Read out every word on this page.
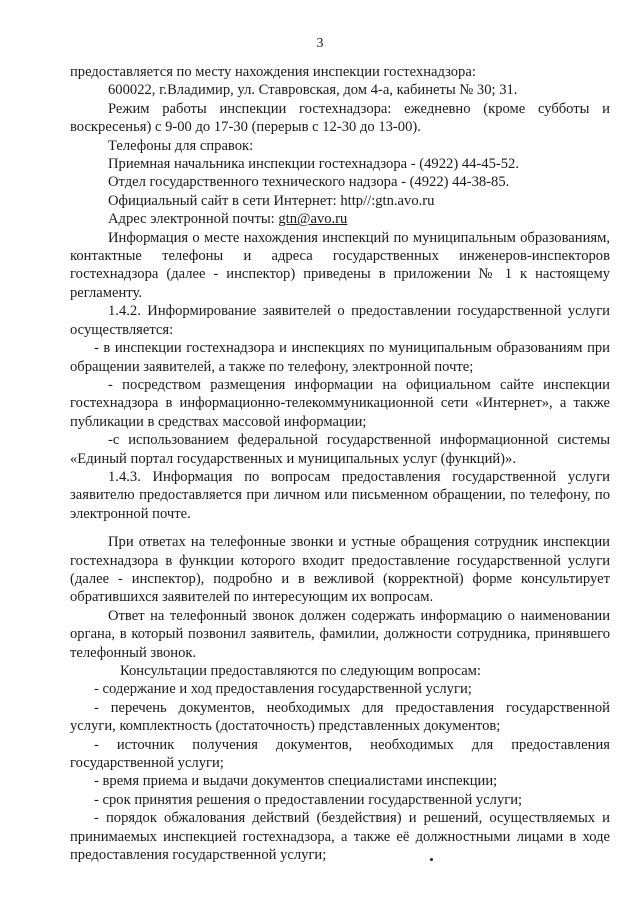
3

предоставляется по месту нахождения инспекции гостехнадзора:

600022, г.Владимир, ул. Ставровская, дом 4-а, кабинеты № 30; 31.

Режим работы инспекции гостехнадзора: ежедневно (кроме субботы и воскресенья) с 9-00 до 17-30 (перерыв с 12-30 до 13-00).

Телефоны для справок:

Приемная начальника инспекции гостехнадзора - (4922) 44-45-52.

Отдел государственного технического надзора - (4922) 44-38-85.

Официальный сайт в сети Интернет: http//:gtn.avo.ru

Адрес электронной почты: gtn@avo.ru

Информация о месте нахождения инспекций по муниципальным образованиям, контактные телефоны и адреса государственных инженеров-инспекторов гостехнадзора (далее - инспектор) приведены в приложении № 1 к настоящему регламенту.

1.4.2. Информирование заявителей о предоставлении государственной услуги осуществляется:

- в инспекции гостехнадзора и инспекциях по муниципальным образованиям при обращении заявителей, а также по телефону, электронной почте;

- посредством размещения информации на официальном сайте инспекции гостехнадзора в информационно-телекоммуникационной сети «Интернет», а также публикации в средствах массовой информации;

-с использованием федеральной государственной информационной системы «Единый портал государственных и муниципальных услуг (функций)».

1.4.3. Информация по вопросам предоставления государственной услуги заявителю предоставляется при личном или письменном обращении, по телефону, по электронной почте.

При ответах на телефонные звонки и устные обращения сотрудник инспекции гостехнадзора в функции которого входит предоставление государственной услуги (далее - инспектор), подробно и в вежливой (корректной) форме консультирует обратившихся заявителей по интересующим их вопросам.

Ответ на телефонный звонок должен содержать информацию о наименовании органа, в который позвонил заявитель, фамилии, должности сотрудника, принявшего телефонный звонок.

Консультации предоставляются по следующим вопросам:

- содержание и ход предоставления государственной услуги;

- перечень документов, необходимых для предоставления государственной услуги, комплектность (достаточность) представленных документов;

- источник получения документов, необходимых для предоставления государственной услуги;

- время приема и выдачи документов специалистами инспекции;

- срок принятия решения о предоставлении государственной услуги;

- порядок обжалования действий (бездействия) и решений, осуществляемых и принимаемых инспекцией гостехнадзора, а также её должностными лицами в ходе предоставления государственной услуги;
